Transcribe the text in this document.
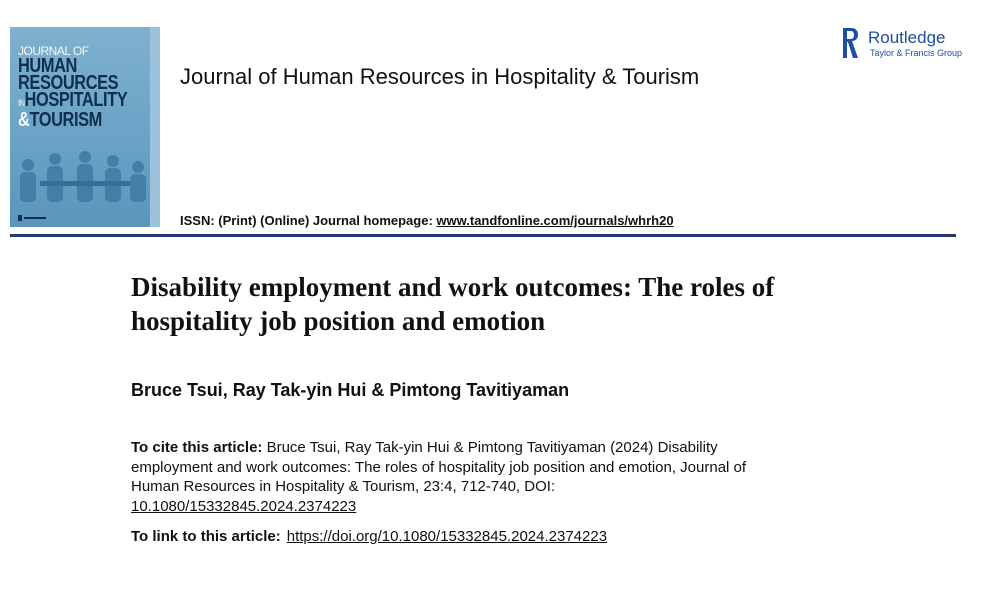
JOURNAL OF
HUMAN
RESOURCES
INHOSPITALITY
&TOURISM
Journal of Human Resources in Hospitality & Tourism
ISSN: (Print) (Online) Journal homepage: www.tandfonline.com/journals/whrh20
Routledge
Taylor & Francis Group
Disability employment and work outcomes: The roles of hospitality job position and emotion
Bruce Tsui, Ray Tak-yin Hui & Pimtong Tavitiyaman
To cite this article: Bruce Tsui, Ray Tak-yin Hui & Pimtong Tavitiyaman (2024) Disability employment and work outcomes: The roles of hospitality job position and emotion, Journal of Human Resources in Hospitality & Tourism, 23:4, 712-740, DOI: 10.1080/15332845.2024.2374223
To link to this article: https://doi.org/10.1080/15332845.2024.2374223
